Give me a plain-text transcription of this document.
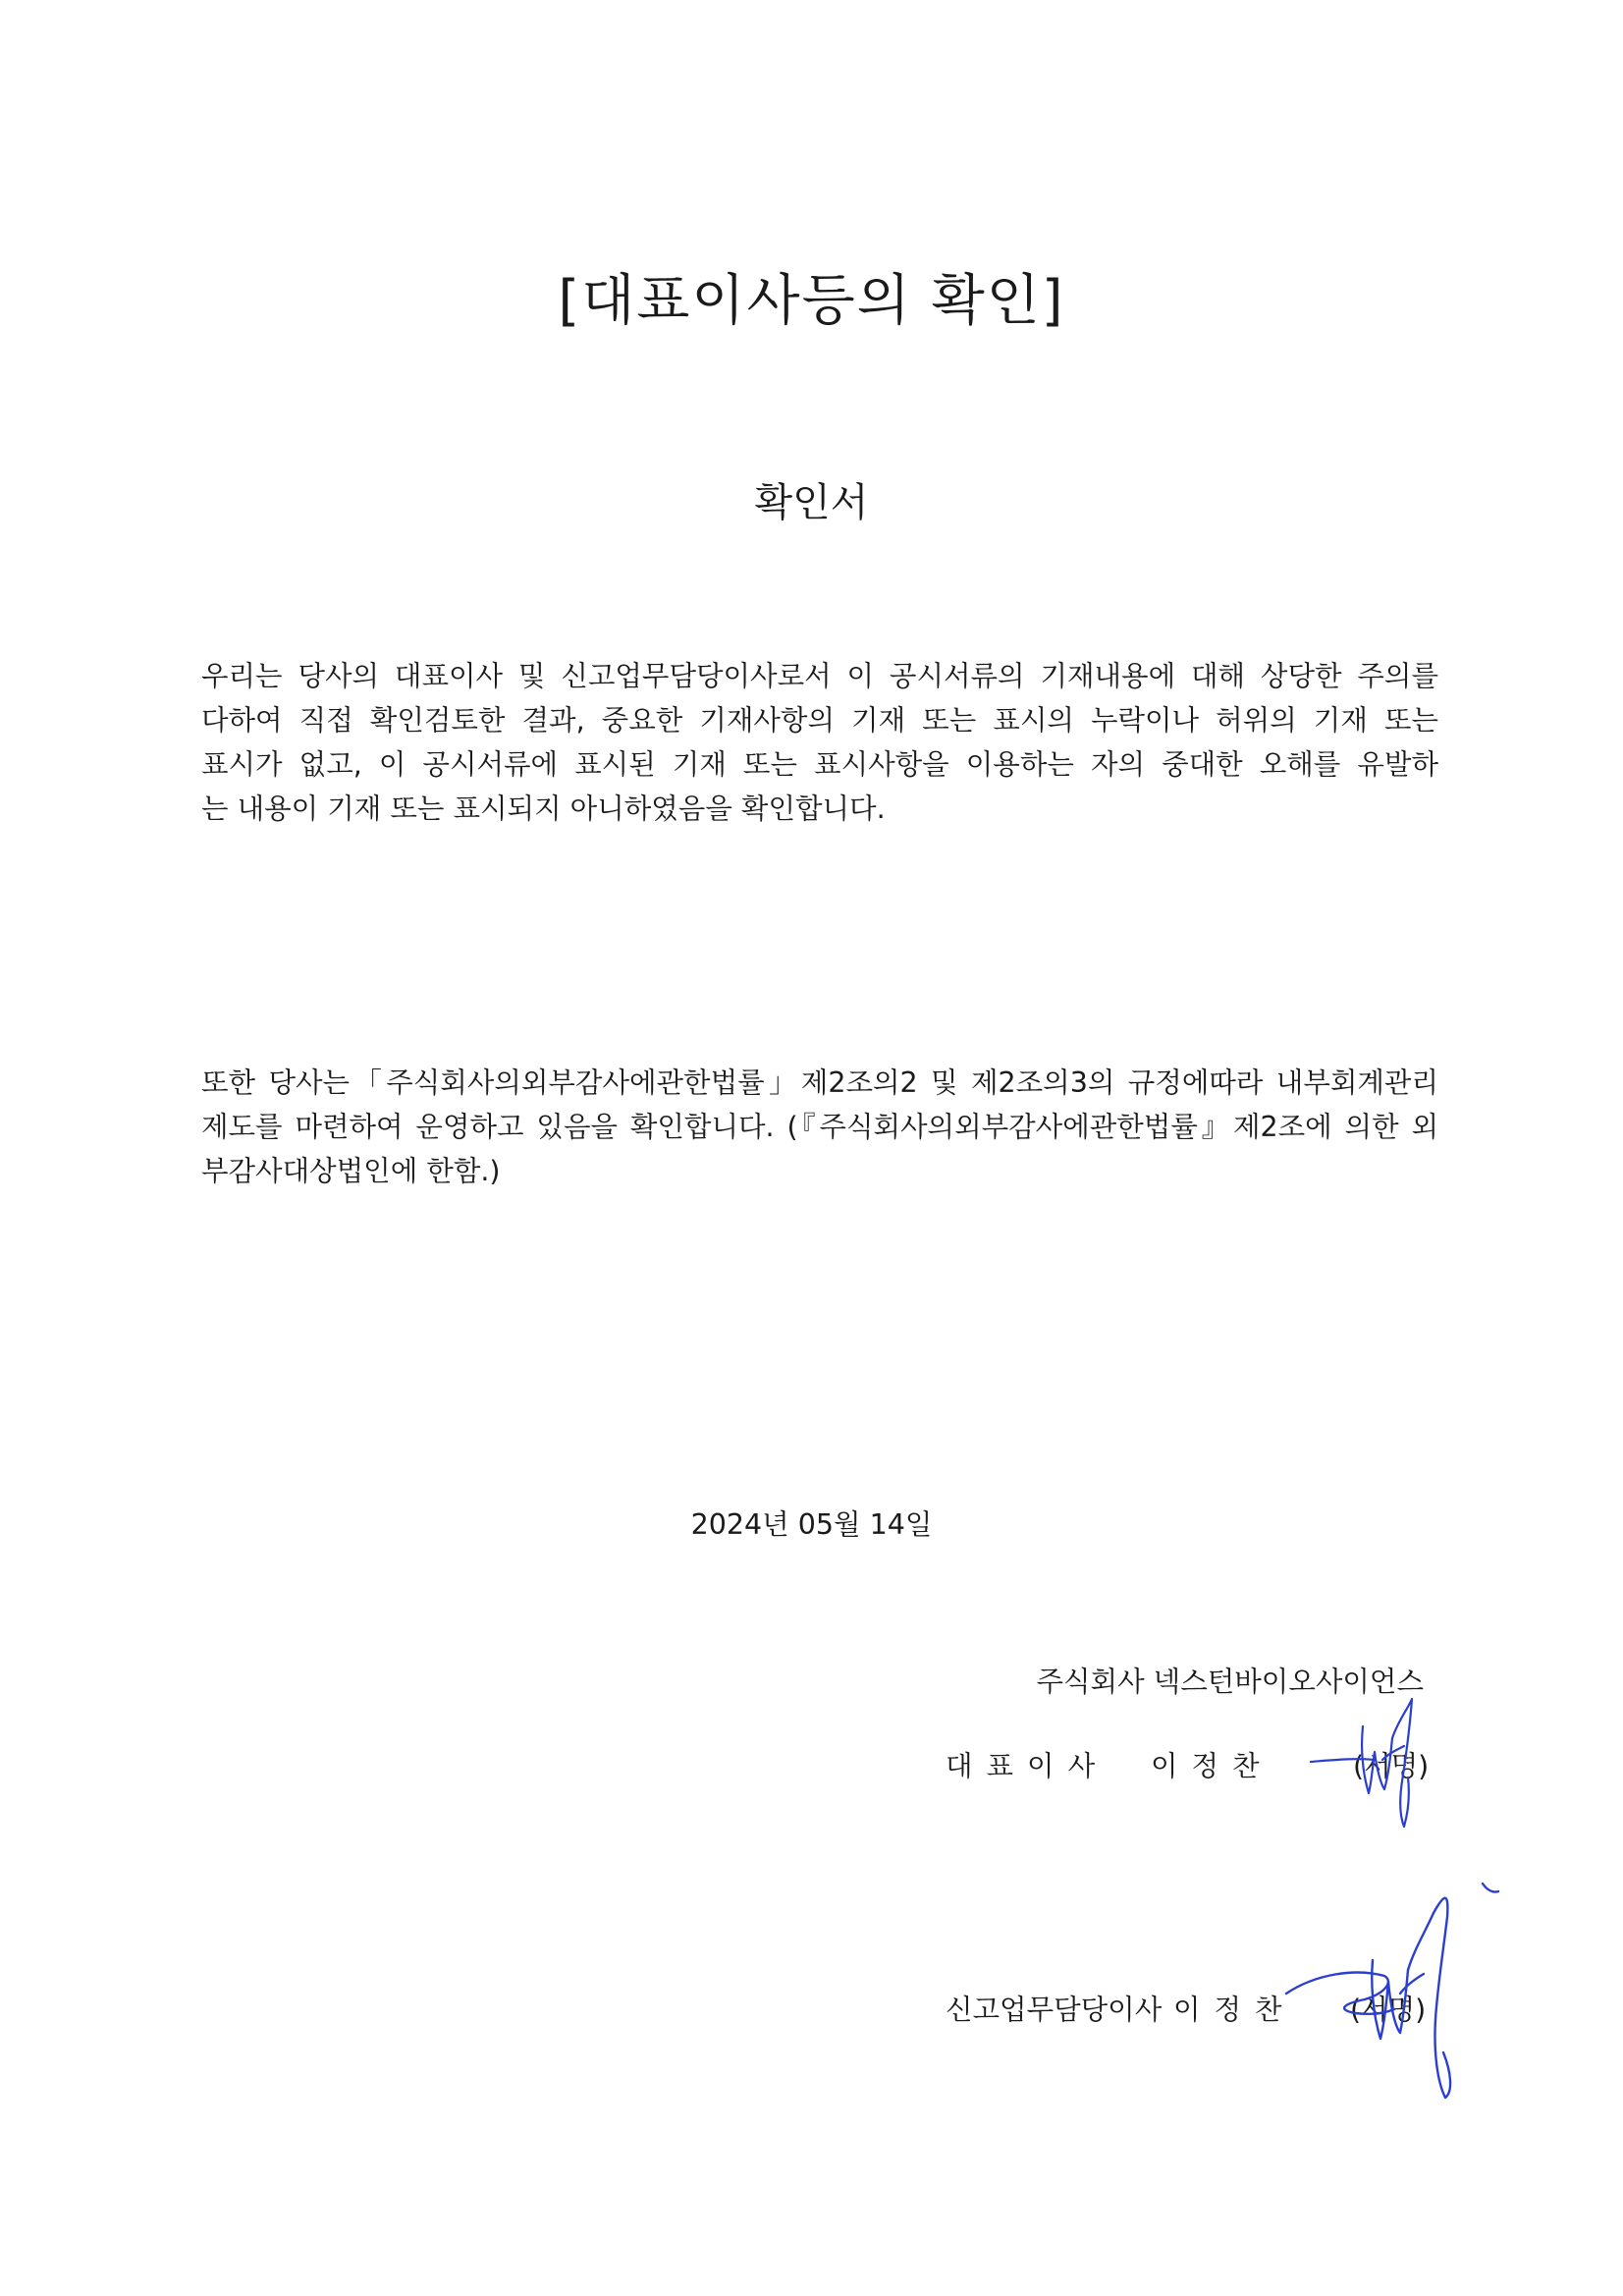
[대표이사등의 확인]
확인서
우리는 당사의 대표이사 및 신고업무담당이사로서 이 공시서류의 기재내용에 대해 상당한 주의를
다하여 직접 확인검토한 결과, 중요한 기재사항의 기재 또는 표시의 누락이나 허위의 기재 또는
표시가 없고, 이 공시서류에 표시된 기재 또는 표시사항을 이용하는 자의 중대한 오해를 유발하
는 내용이 기재 또는 표시되지 아니하였음을 확인합니다.
또한 당사는「주식회사의외부감사에관한법률」제2조의2 및 제2조의3의 규정에따라 내부회계관리
제도를 마련하여 운영하고 있음을 확인합니다. (『주식회사의외부감사에관한법률』제2조에 의한 외
부감사대상법인에 한함.)

2024년 05월 14일

주식회사 넥스턴바이오사이언스
대표이사 이정찬	(서명)
신고업무담당이사 이정찬 (서명)
